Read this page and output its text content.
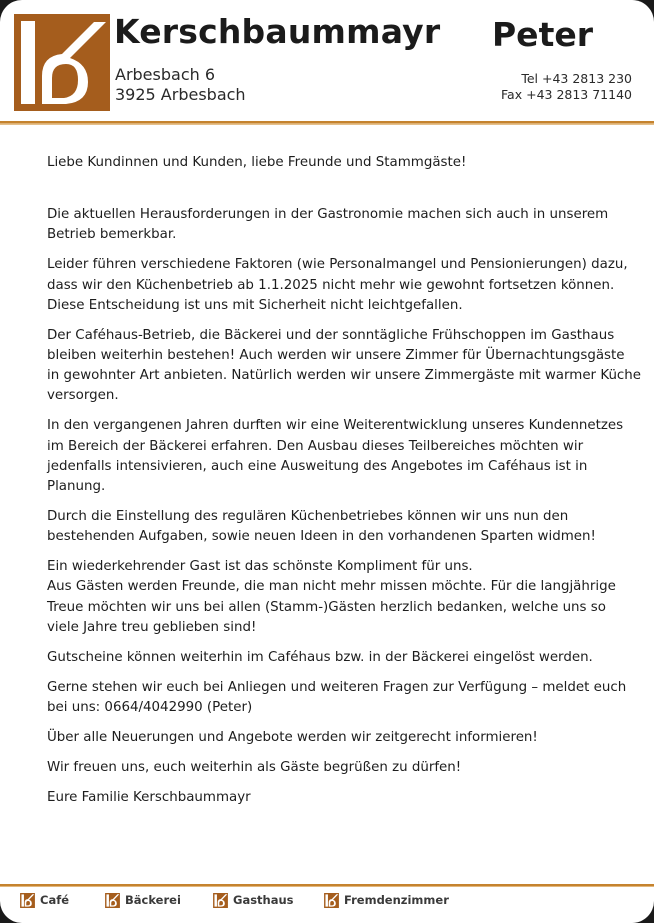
Kerschbaummayr Peter
Arbesbach 6
3925 Arbesbach
Tel +43 2813 230
Fax +43 2813 71140

Liebe Kundinnen und Kunden, liebe Freunde und Stammgäste!

Die aktuellen Herausforderungen in der Gastronomie machen sich auch in unserem
Betrieb bemerkbar.

Leider führen verschiedene Faktoren (wie Personalmangel und Pensionierungen) dazu,
dass wir den Küchenbetrieb ab 1.1.2025 nicht mehr wie gewohnt fortsetzen können.
Diese Entscheidung ist uns mit Sicherheit nicht leichtgefallen.

Der Caféhaus-Betrieb, die Bäckerei und der sonntägliche Frühschoppen im Gasthaus
bleiben weiterhin bestehen! Auch werden wir unsere Zimmer für Übernachtungsgäste
in gewohnter Art anbieten. Natürlich werden wir unsere Zimmergäste mit warmer Küche
versorgen.

In den vergangenen Jahren durften wir eine Weiterentwicklung unseres Kundennetzes
im Bereich der Bäckerei erfahren. Den Ausbau dieses Teilbereiches möchten wir
jedenfalls intensivieren, auch eine Ausweitung des Angebotes im Caféhaus ist in
Planung.

Durch die Einstellung des regulären Küchenbetriebes können wir uns nun den
bestehenden Aufgaben, sowie neuen Ideen in den vorhandenen Sparten widmen!

Ein wiederkehrender Gast ist das schönste Kompliment für uns.
Aus Gästen werden Freunde, die man nicht mehr missen möchte. Für die langjährige
Treue möchten wir uns bei allen (Stamm-)Gästen herzlich bedanken, welche uns so
viele Jahre treu geblieben sind!

Gutscheine können weiterhin im Caféhaus bzw. in der Bäckerei eingelöst werden.

Gerne stehen wir euch bei Anliegen und weiteren Fragen zur Verfügung – meldet euch
bei uns: 0664/4042990 (Peter)

Über alle Neuerungen und Angebote werden wir zeitgerecht informieren!

Wir freuen uns, euch weiterhin als Gäste begrüßen zu dürfen!

Eure Familie Kerschbaummayr

Café	Bäckerei	Gasthaus	Fremdenzimmer
